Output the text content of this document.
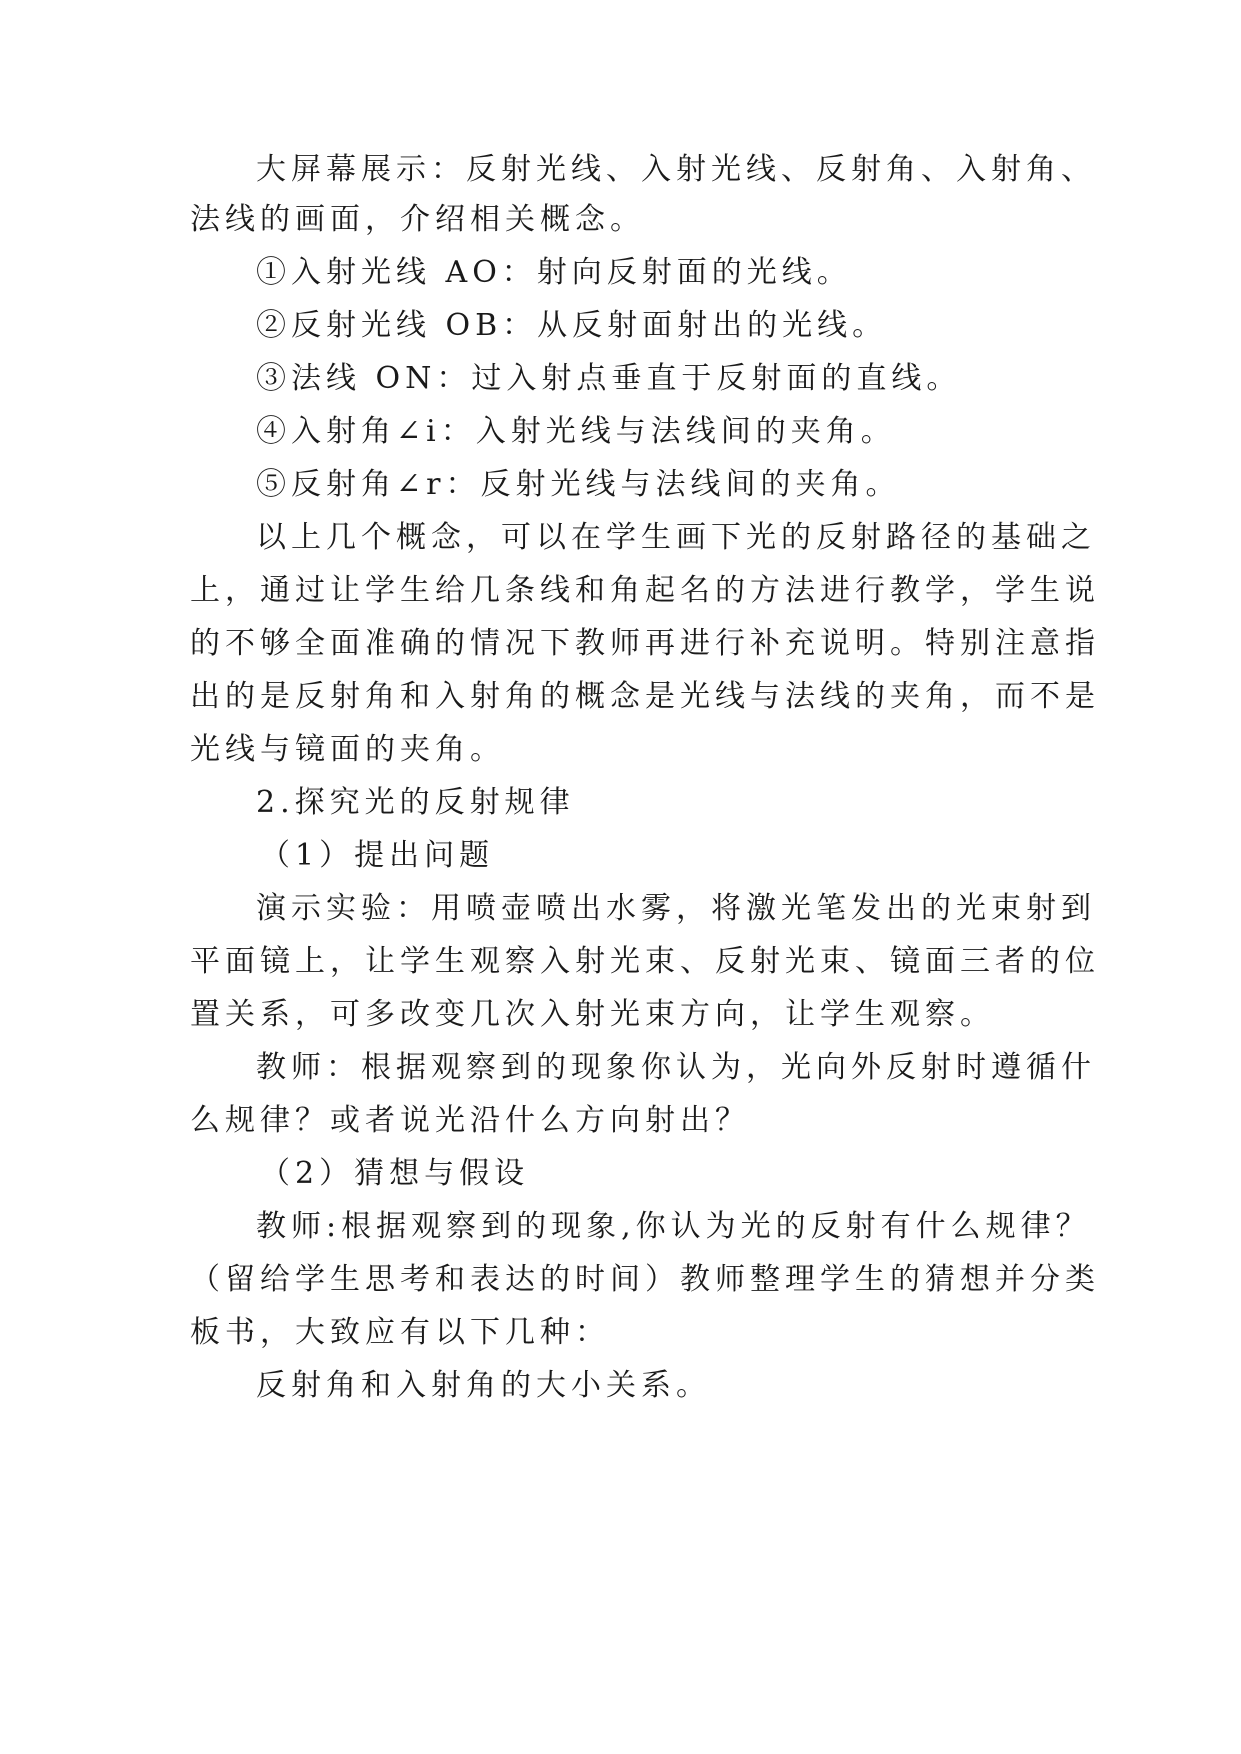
大屏幕展示：反射光线、入射光线、反射角、入射角、
法线的画面，介绍相关概念。
①入射光线 AO：射向反射面的光线。
②反射光线 OB：从反射面射出的光线。
③法线 ON：过入射点垂直于反射面的直线。
④入射角∠i：入射光线与法线间的夹角。
⑤反射角∠r：反射光线与法线间的夹角。
以上几个概念，可以在学生画下光的反射路径的基础之
上，通过让学生给几条线和角起名的方法进行教学，学生说
的不够全面准确的情况下教师再进行补充说明。特别注意指
出的是反射角和入射角的概念是光线与法线的夹角，而不是
光线与镜面的夹角。
2.探究光的反射规律
（1）提出问题
演示实验：用喷壶喷出水雾，将激光笔发出的光束射到
平面镜上，让学生观察入射光束、反射光束、镜面三者的位
置关系，可多改变几次入射光束方向，让学生观察。
教师：根据观察到的现象你认为，光向外反射时遵循什
么规律？或者说光沿什么方向射出？
（2）猜想与假设
教师:根据观察到的现象,你认为光的反射有什么规律？
（留给学生思考和表达的时间）教师整理学生的猜想并分类
板书，大致应有以下几种：
反射角和入射角的大小关系。
